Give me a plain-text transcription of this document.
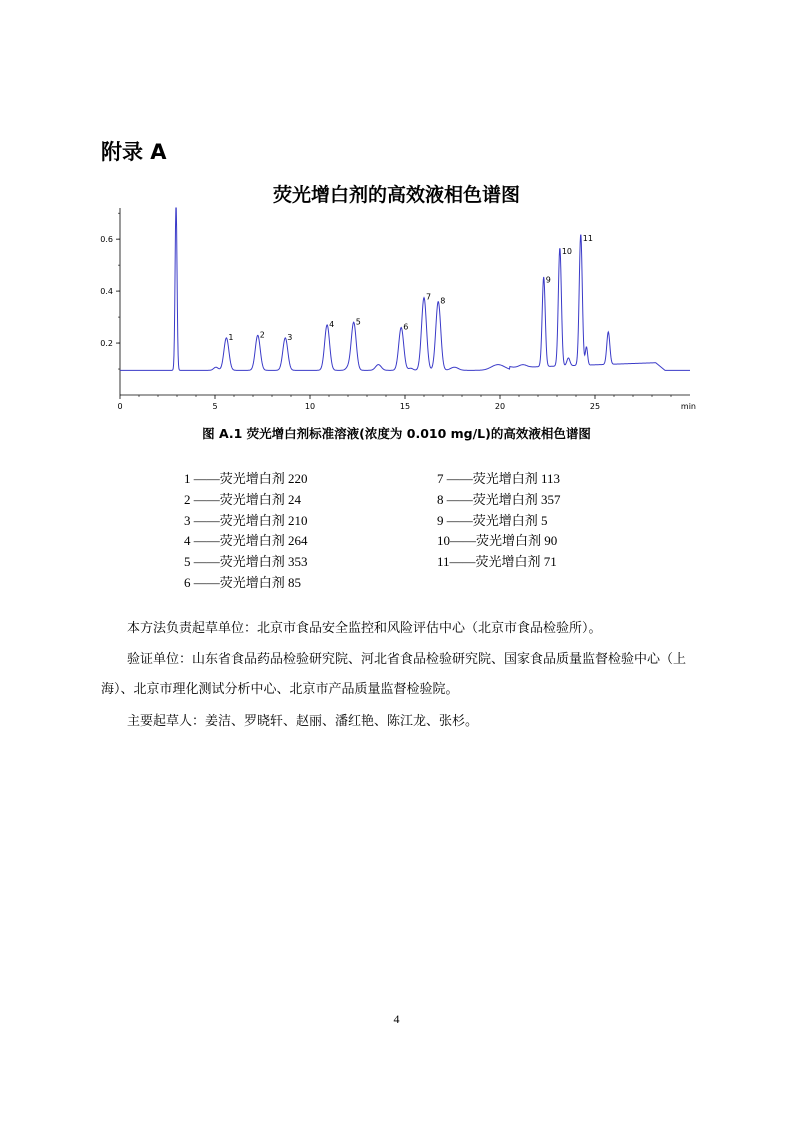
附录 A
荧光增白剂的高效液相色谱图
0	5	10	15	20	25	min
0.2
0.4
0.6
1	2	3
4	5
6
7 8
9
10
11
图 A.1 荧光增白剂标准溶液(浓度为 0.010 mg/L)的高效液相色谱图
1 ——荧光增白剂 220
2 ——荧光增白剂 24
3 ——荧光增白剂 210
4 ——荧光增白剂 264
5 ——荧光增白剂 353
6 ——荧光增白剂 85
7 ——荧光增白剂 113
8 ——荧光增白剂 357
9 ——荧光增白剂 5
10——荧光增白剂 90
11——荧光增白剂 71
本方法负责起草单位：北京市食品安全监控和风险评估中心（北京市食品检验所）。
验证单位：山东省食品药品检验研究院、河北省食品检验研究院、国家食品质量监督检验中心（上海）、北京市理化测试分析中心、北京市产品质量监督检验院。
主要起草人：姜洁、罗晓轩、赵丽、潘红艳、陈江龙、张杉。
4
